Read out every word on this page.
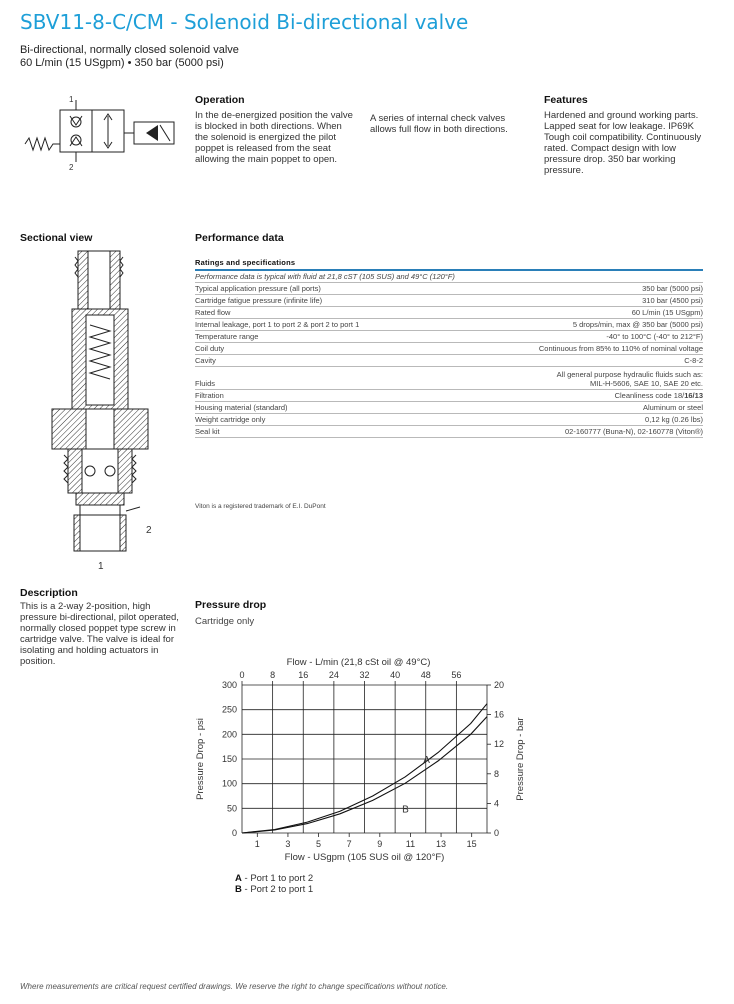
SBV11-8-C/CM - Solenoid Bi-directional valve
Bi-directional, normally closed solenoid valve
60 L/min (15 USgpm) • 350 bar (5000 psi)
1
2
Operation

In the de-energized position the valve is blocked in both directions. When the solenoid is energized the pilot poppet is released from the seat allowing the main poppet to open.

A series of internal check valves allows full flow in both directions.

Features

Hardened and ground working parts. Lapped seat for low leakage. IP69K Tough coil compatibility. Continuously rated. Compact design with low pressure drop. 350 bar working pressure.

Sectional view	Performance data
2
1
Ratings and specifications
Performance data is typical with fluid at 21,8 cST (105 SUS) and 49°C (120°F)	
Typical application pressure (all ports)	350 bar (5000 psi)
Cartridge fatigue pressure (infinite life)	310 bar (4500 psi)
Rated flow	60 L/min (15 USgpm)
Internal leakage, port 1 to port 2 & port 2 to port 1	5 drops/min, max @ 350 bar (5000 psi)
Temperature range	-40° to 100°C (-40° to 212°F)
Coil duty	Continuous from 85% to 110% of nominal voltage
Cavity	C-8-2
Fluids	All general purpose hydraulic fluids such as:
MIL-H-5606, SAE 10, SAE 20 etc.

Filtration	Cleanliness code 18/16/13
Housing material (standard)	Aluminum or steel
Weight cartridge only	0,12 kg (0.26 lbs)
Seal kit	02-160777 (Buna-N), 02-160778 (Viton®)
Viton is a registered trademark of E.I. DuPont
Description

This is a 2-way 2-position, high pressure bi-directional, pilot operated, normally closed poppet type screw in cartridge valve. The valve is ideal for isolating and holding actuators in position.

Pressure drop
Cartridge only
1	3	5	7	9	11 13 15
0	8	16 24 32 40 48 56
0
50
100
150
200
250
300
0
4
8
12
16
20
Flow - L/min (21,8 cSt oil @ 49°C)
Flow - USgpm (105 SUS oil @ 120°F)
Pressure Drop - psi	Pressure Drop - bar
A
B
A - Port 1 to port 2
B - Port 2 to port 1
Where measurements are critical request certified drawings. We reserve the right to change specifications without notice.
